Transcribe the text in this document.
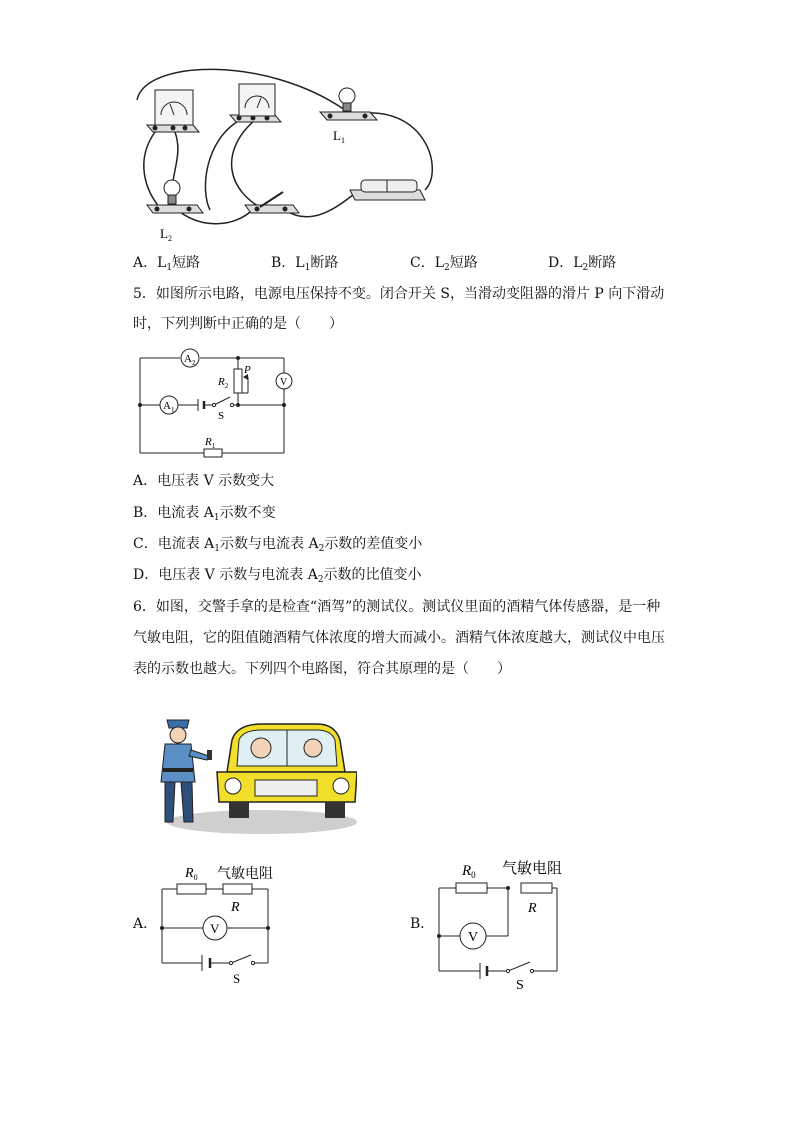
$L_1$
$L_2$
A．$L_1$短路	B．$L_1$断路	C．$L_2$短路	D．$L_2$断路
5．如图所示电路，电源电压保持不变。闭合开关 S，当滑动变阻器的滑片 P 向下滑动
时，下列判断中正确的是（　　）
$A_2$
$A_1$
$R_2$
P
V
S
$R_1$
A．电压表 V 示数变大
B．电流表 $A_1$示数不变
C．电流表 $A_1$示数与电流表 $A_2$示数的差值变小
D．电压表 V 示数与电流表 $A_2$示数的比值变小
6．如图，交警手拿的是检查“酒驾”的测试仪。测试仪里面的酒精气体传感器，是一种
气敏电阻，它的阻值随酒精气体浓度的增大而减小。酒精气体浓度越大，测试仪中电压
表的示数也越大。下列四个电路图，符合其原理的是（　　）
A．
$R_0$ 气敏电阻
R
V
S
B．
$R_0$ 气敏电阻
R
V
S
